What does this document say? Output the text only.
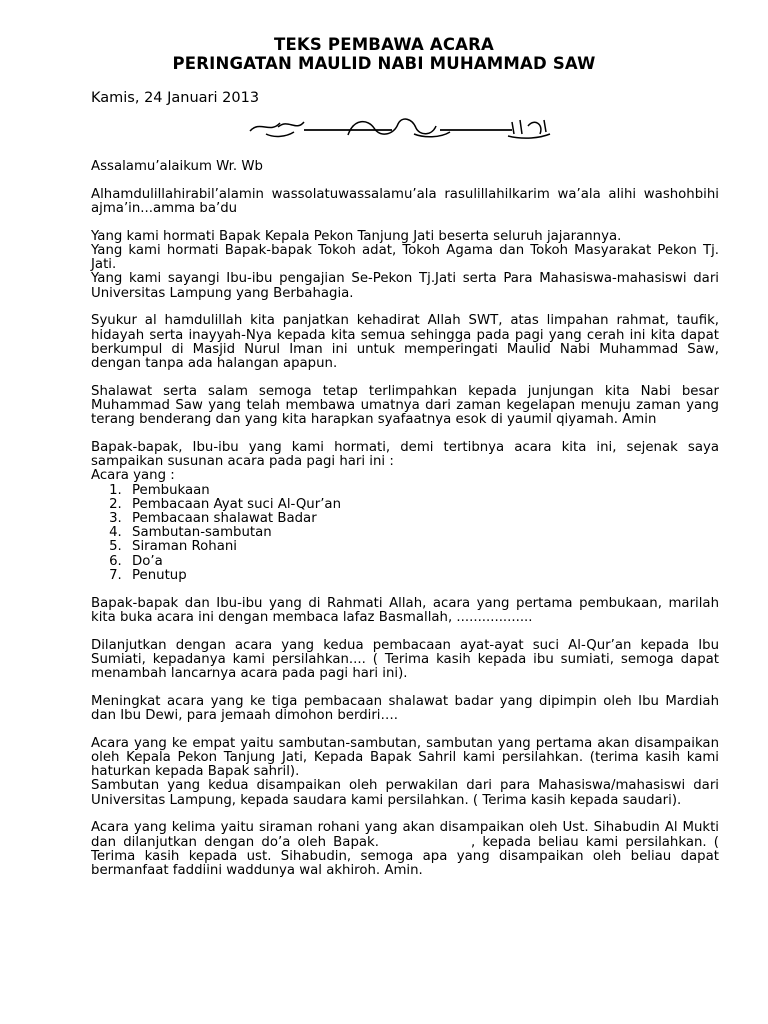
TEKS PEMBAWA ACARA
PERINGATAN MAULID NABI MUHAMMAD SAW
Kamis, 24 Januari 2013

Assalamu’alaikum Wr. Wb

Alhamdulillahirabil’alamin wassolatuwassalamu’ala rasulillahilkarim wa’ala alihi washohbihi ajma’in...amma ba’du

Yang kami hormati Bapak Kepala Pekon Tanjung Jati beserta seluruh jajarannya.

Yang kami hormati Bapak-bapak Tokoh adat, Tokoh Agama dan Tokoh Masyarakat Pekon Tj. Jati.

Yang kami sayangi Ibu-ibu pengajian Se-Pekon Tj.Jati serta Para Mahasiswa-mahasiswi dari Universitas Lampung yang Berbahagia.

Syukur al hamdulillah kita panjatkan kehadirat Allah SWT, atas limpahan rahmat, taufik, hidayah serta inayyah-Nya kepada kita semua sehingga pada pagi yang cerah ini kita dapat berkumpul di Masjid Nurul Iman ini untuk memperingati Maulid Nabi Muhammad Saw, dengan tanpa ada halangan apapun.

Shalawat serta salam semoga tetap terlimpahkan kepada junjungan kita Nabi besar Muhammad Saw yang telah membawa umatnya dari zaman kegelapan menuju zaman yang terang benderang dan yang kita harapkan syafaatnya esok di yaumil qiyamah. Amin

Bapak-bapak, Ibu-ibu yang kami hormati, demi tertibnya acara kita ini, sejenak saya sampaikan susunan acara pada pagi hari ini :

Acara yang :

1. Pembukaan
2. Pembacaan Ayat suci Al-Qur’an
3. Pembacaan shalawat Badar
4. Sambutan-sambutan
5. Siraman Rohani
6. Do’a
7. Penutup

Bapak-bapak dan Ibu-ibu yang di Rahmati Allah, acara yang pertama pembukaan, marilah kita buka acara ini dengan membaca lafaz Basmallah, ..................

Dilanjutkan dengan acara yang kedua pembacaan ayat-ayat suci Al-Qur’an kepada Ibu Sumiati, kepadanya kami persilahkan.... ( Terima kasih kepada ibu sumiati, semoga dapat menambah lancarnya acara pada pagi hari ini).

Meningkat acara yang ke tiga pembacaan shalawat badar yang dipimpin oleh Ibu Mardiah dan Ibu Dewi, para jemaah dimohon berdiri….

Acara yang ke empat yaitu sambutan-sambutan, sambutan yang pertama akan disampaikan oleh Kepala Pekon Tanjung Jati, Kepada Bapak Sahril kami persilahkan. (terima kasih kami haturkan kepada Bapak sahril).

Sambutan yang kedua disampaikan oleh perwakilan dari para Mahasiswa/mahasiswi dari Universitas Lampung, kepada saudara kami persilahkan. ( Terima kasih kepada saudari).

Acara yang kelima yaitu siraman rohani yang akan disampaikan oleh Ust. Sihabudin Al Mukti dan dilanjutkan dengan do’a oleh Bapak.	, kepada beliau kami persilahkan. ( Terima kasih kepada ust. Sihabudin, semoga apa yang disampaikan oleh beliau dapat bermanfaat faddiini waddunya wal akhiroh. Amin.
